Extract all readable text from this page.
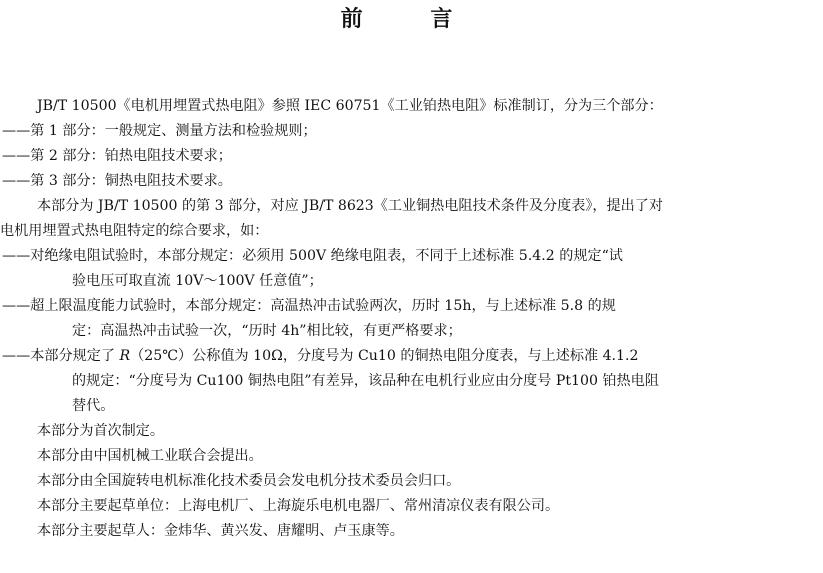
前 言

JB/T 10500《电机用埋置式热电阻》参照 IEC 60751《工业铂热电阻》标准制订，分为三个部分：

——第 1 部分：一般规定、测量方法和检验规则；

——第 2 部分：铂热电阻技术要求；

——第 3 部分：铜热电阻技术要求。

本部分为 JB/T 10500 的第 3 部分，对应 JB/T 8623《工业铜热电阻技术条件及分度表》，提出了对

电机用埋置式热电阻特定的综合要求，如：

——对绝缘电阻试验时，本部分规定：必须用 500V 绝缘电阻表，不同于上述标准 5.4.2 的规定“试

验电压可取直流 10V～100V 任意值”；

——超上限温度能力试验时，本部分规定：高温热冲击试验两次，历时 15h，与上述标准 5.8 的规

定：高温热冲击试验一次，“历时 4h”相比较，有更严格要求；

——本部分规定了 R（25℃）公称值为 10Ω，分度号为 Cu10 的铜热电阻分度表，与上述标准 4.1.2

的规定：“分度号为 Cu100 铜热电阻”有差异，该品种在电机行业应由分度号 Pt100 铂热电阻

替代。

本部分为首次制定。

本部分由中国机械工业联合会提出。

本部分由全国旋转电机标准化技术委员会发电机分技术委员会归口。

本部分主要起草单位：上海电机厂、上海旋乐电机电器厂、常州清凉仪表有限公司。

本部分主要起草人：金炜华、黄兴发、唐耀明、卢玉康等。
